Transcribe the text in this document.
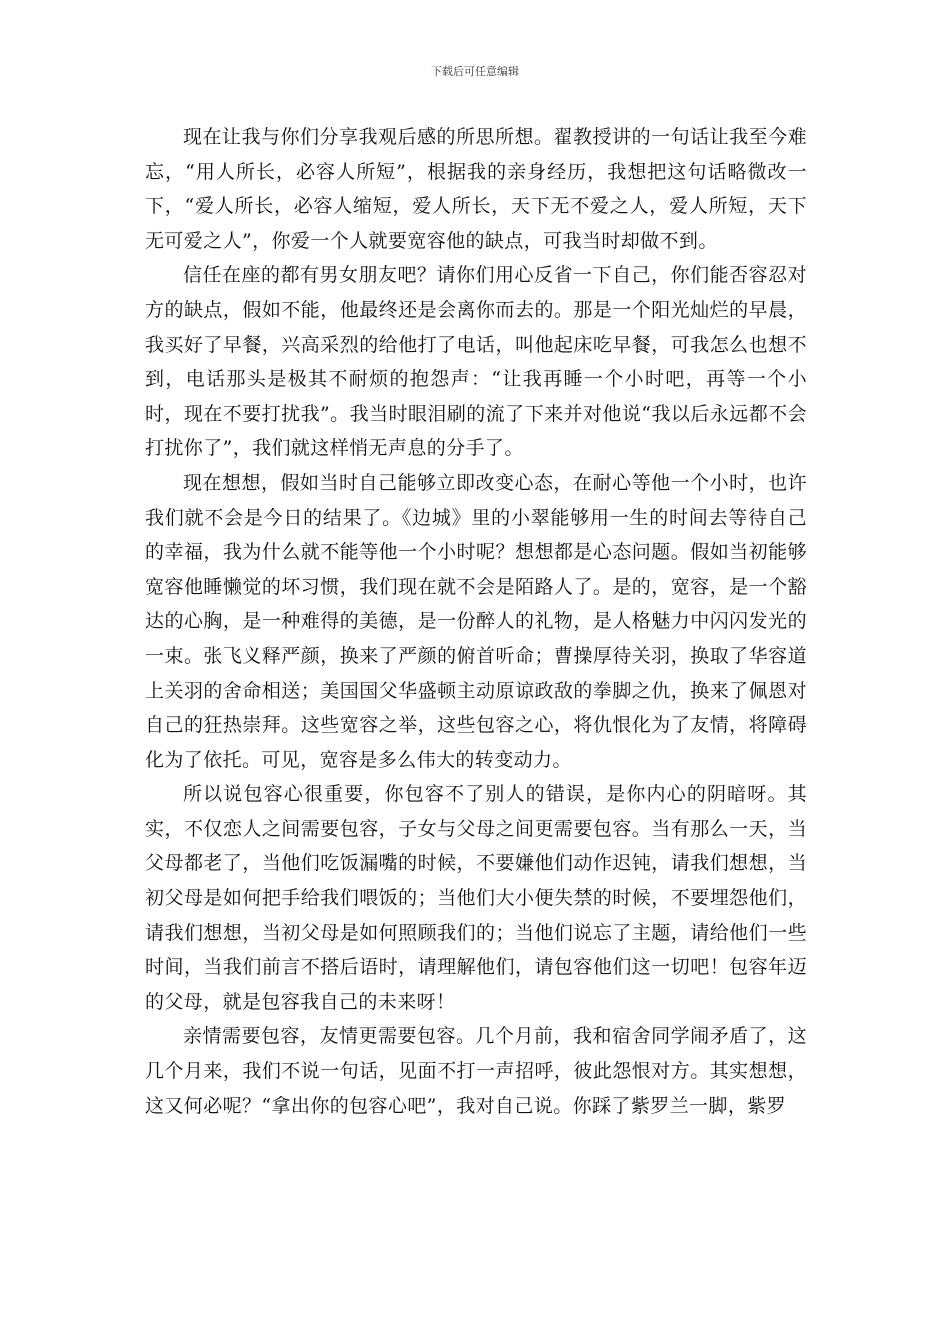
下载后可任意编辑

现在让我与你们分享我观后感的所思所想。翟教授讲的一句话让我至今难忘，“用人所长，必容人所短”，根据我的亲身经历，我想把这句话略微改一下，“爱人所长，必容人缩短，爱人所长，天下无不爱之人，爱人所短，天下无可爱之人”，你爱一个人就要宽容他的缺点，可我当时却做不到。

信任在座的都有男女朋友吧？请你们用心反省一下自己，你们能否容忍对方的缺点，假如不能，他最终还是会离你而去的。那是一个阳光灿烂的早晨，我买好了早餐，兴高采烈的给他打了电话，叫他起床吃早餐，可我怎么也想不到，电话那头是极其不耐烦的抱怨声：“让我再睡一个小时吧，再等一个小时，现在不要打扰我”。我当时眼泪刷的流了下来并对他说“我以后永远都不会打扰你了”，我们就这样悄无声息的分手了。

现在想想，假如当时自己能够立即改变心态，在耐心等他一个小时，也许我们就不会是今日的结果了。《边城》里的小翠能够用一生的时间去等待自己的幸福，我为什么就不能等他一个小时呢？想想都是心态问题。假如当初能够宽容他睡懒觉的坏习惯，我们现在就不会是陌路人了。是的，宽容，是一个豁达的心胸，是一种难得的美德，是一份醉人的礼物，是人格魅力中闪闪发光的一束。张飞义释严颜，换来了严颜的俯首听命；曹操厚待关羽，换取了华容道上关羽的舍命相送；美国国父华盛顿主动原谅政敌的拳脚之仇，换来了佩恩对自己的狂热崇拜。这些宽容之举，这些包容之心，将仇恨化为了友情，将障碍化为了依托。可见，宽容是多么伟大的转变动力。

所以说包容心很重要，你包容不了别人的错误，是你内心的阴暗呀。其实，不仅恋人之间需要包容，子女与父母之间更需要包容。当有那么一天，当父母都老了，当他们吃饭漏嘴的时候，不要嫌他们动作迟钝，请我们想想，当初父母是如何把手给我们喂饭的；当他们大小便失禁的时候，不要埋怨他们，请我们想想，当初父母是如何照顾我们的；当他们说忘了主题，请给他们一些时间，当我们前言不搭后语时，请理解他们，请包容他们这一切吧！包容年迈的父母，就是包容我自己的未来呀！

亲情需要包容，友情更需要包容。几个月前，我和宿舍同学闹矛盾了，这几个月来，我们不说一句话，见面不打一声招呼，彼此怨恨对方。其实想想，这又何必呢？“拿出你的包容心吧”，我对自己说。你踩了紫罗兰一脚，紫罗
